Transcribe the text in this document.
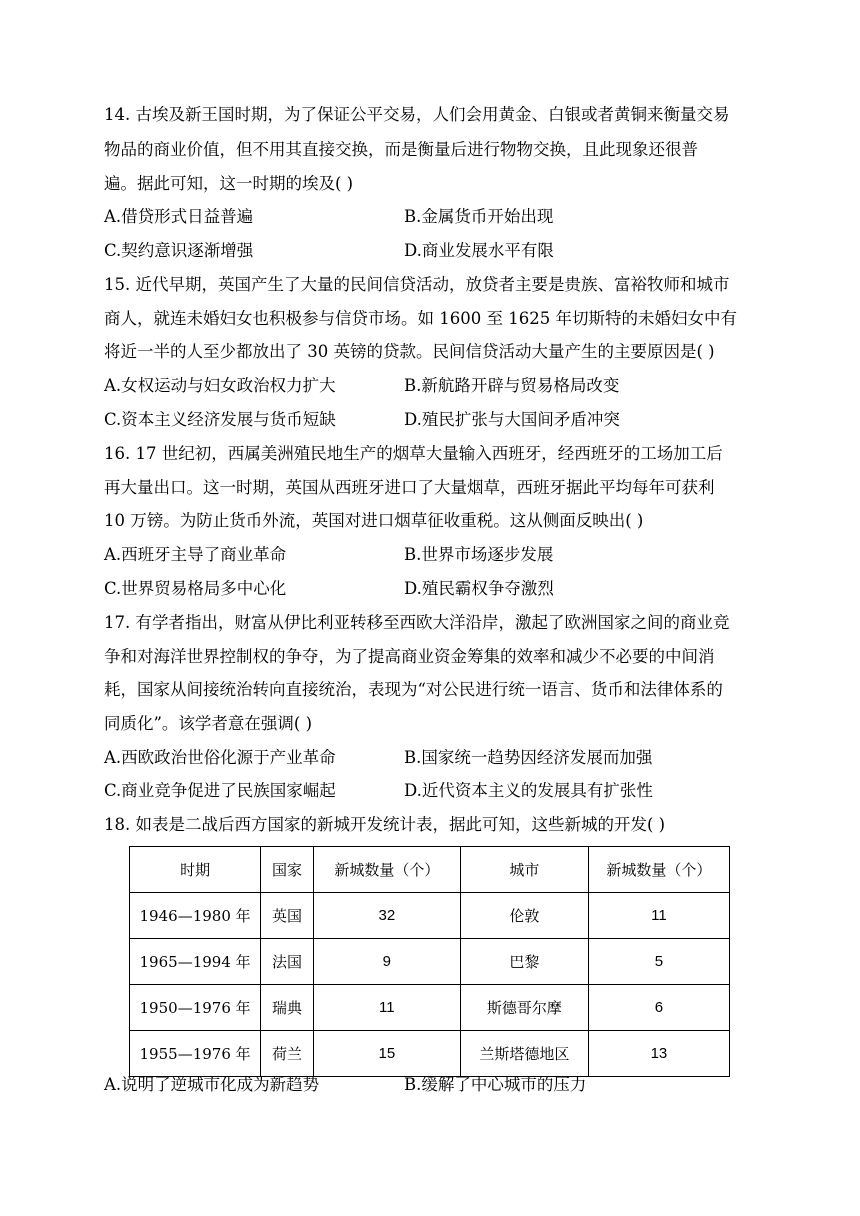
14. 古埃及新王国时期，为了保证公平交易，人们会用黄金、白银或者黄铜来衡量交易
物品的商业价值，但不用其直接交换，而是衡量后进行物物交换，且此现象还很普
遍。据此可知，这一时期的埃及( )
A.借贷形式日益普遍	B.金属货币开始出现
C.契约意识逐渐增强	D.商业发展水平有限
15. 近代早期，英国产生了大量的民间信贷活动，放贷者主要是贵族、富裕牧师和城市
商人，就连未婚妇女也积极参与信贷市场。如 1600 至 1625 年切斯特的未婚妇女中有
将近一半的人至少都放出了 30 英镑的贷款。民间信贷活动大量产生的主要原因是( )
A.女权运动与妇女政治权力扩大	B.新航路开辟与贸易格局改变
C.资本主义经济发展与货币短缺	D.殖民扩张与大国间矛盾冲突
16. 17 世纪初，西属美洲殖民地生产的烟草大量输入西班牙，经西班牙的工场加工后
再大量出口。这一时期，英国从西班牙进口了大量烟草，西班牙据此平均每年可获利
10 万镑。为防止货币外流，英国对进口烟草征收重税。这从侧面反映出( )
A.西班牙主导了商业革命	B.世界市场逐步发展
C.世界贸易格局多中心化	D.殖民霸权争夺激烈
17. 有学者指出，财富从伊比利亚转移至西欧大洋沿岸，激起了欧洲国家之间的商业竞
争和对海洋世界控制权的争夺，为了提高商业资金筹集的效率和减少不必要的中间消
耗，国家从间接统治转向直接统治，表现为“对公民进行统一语言、货币和法律体系的
同质化”。该学者意在强调( )
A.西欧政治世俗化源于产业革命	B.国家统一趋势因经济发展而加强
C.商业竞争促进了民族国家崛起	D.近代资本主义的发展具有扩张性
18. 如表是二战后西方国家的新城开发统计表，据此可知，这些新城的开发( )
时期	国家	新城数量（个）	城市	新城数量（个）
1946—1980 年	英国	32	伦敦	11
1965—1994 年	法国	9	巴黎	5
1950—1976 年	瑞典	11	斯德哥尔摩	6
1955—1976 年	荷兰	15	兰斯塔德地区	13
A.说明了逆城市化成为新趋势	B.缓解了中心城市的压力
